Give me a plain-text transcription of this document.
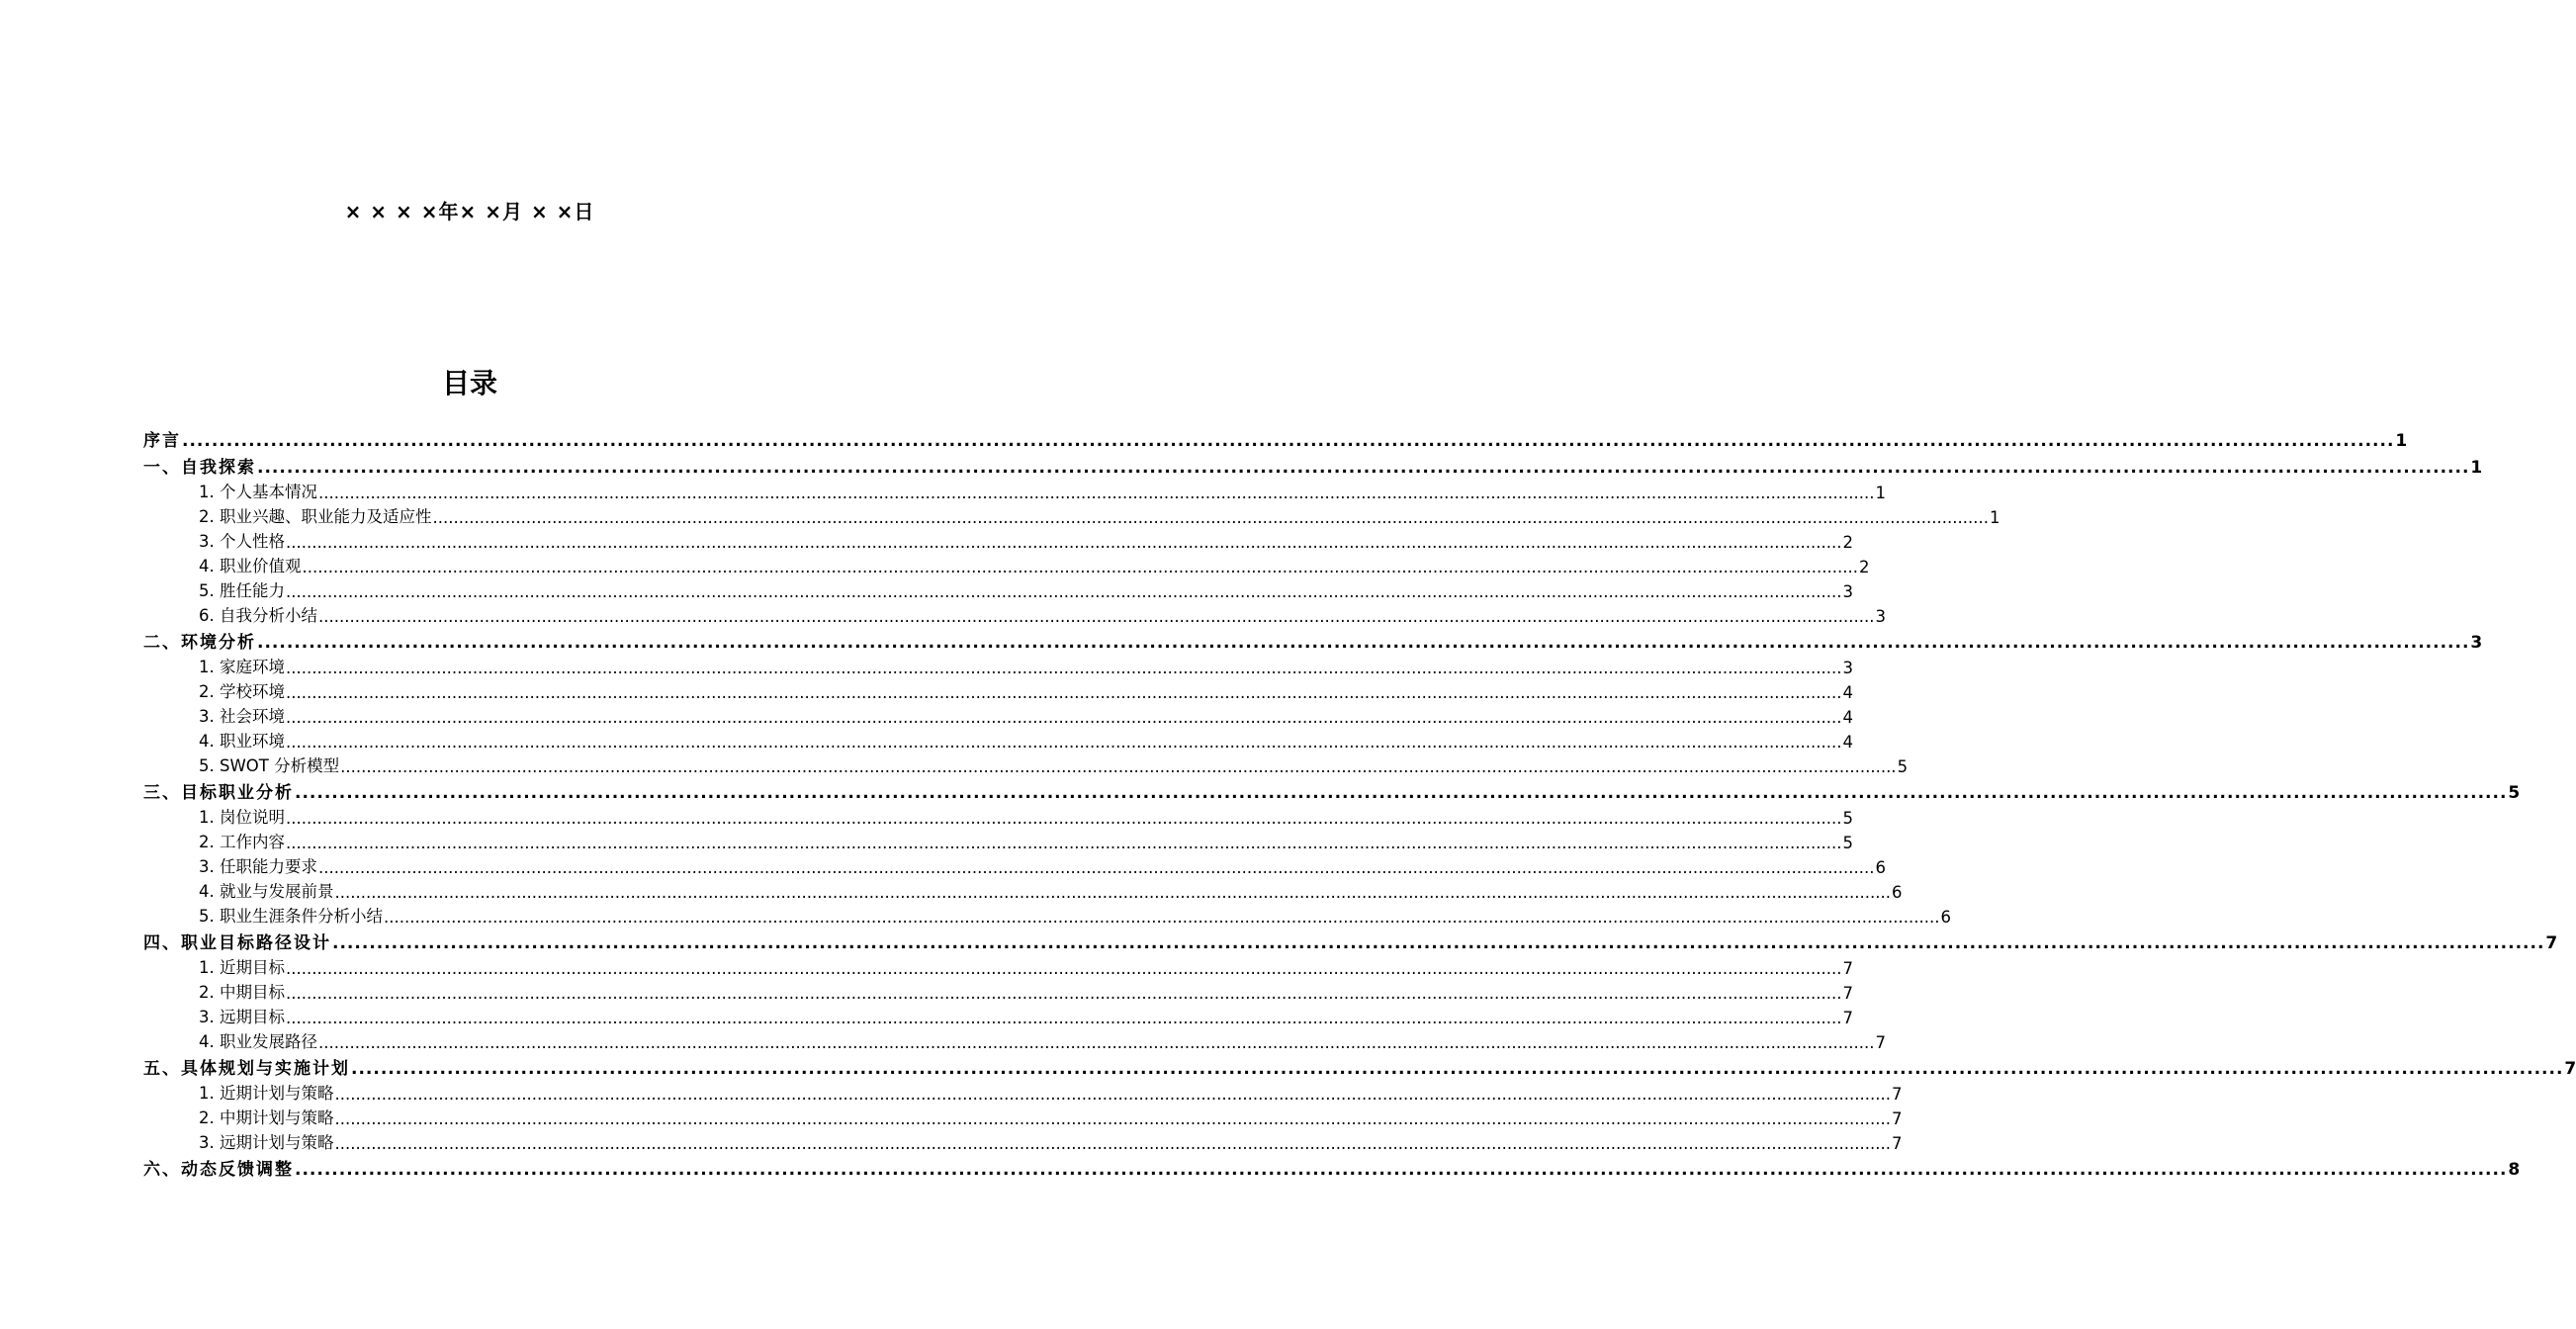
× × × ×年× ×月 × ×日
目录
序言 ............................................................................................................................................................................................................................................................................................................ 1
一、自我探索 ............................................................................................................................................................................................................................................................................................................ 1
1. 个人基本情况 ............................................................................................................................................................................................................................................................................................................ 1
2. 职业兴趣、职业能力及适应性 ............................................................................................................................................................................................................................................................................................................ 1
3. 个人性格 ............................................................................................................................................................................................................................................................................................................ 2
4. 职业价值观 ............................................................................................................................................................................................................................................................................................................ 2
5. 胜任能力 ............................................................................................................................................................................................................................................................................................................ 3
6. 自我分析小结 ............................................................................................................................................................................................................................................................................................................ 3
二、环境分析 ............................................................................................................................................................................................................................................................................................................ 3
1. 家庭环境 ............................................................................................................................................................................................................................................................................................................ 3
2. 学校环境 ............................................................................................................................................................................................................................................................................................................ 4
3. 社会环境 ............................................................................................................................................................................................................................................................................................................ 4
4. 职业环境 ............................................................................................................................................................................................................................................................................................................ 4
5. SWOT 分析模型 ............................................................................................................................................................................................................................................................................................................ 5
三、目标职业分析 ............................................................................................................................................................................................................................................................................................................ 5
1. 岗位说明 ............................................................................................................................................................................................................................................................................................................ 5
2. 工作内容 ............................................................................................................................................................................................................................................................................................................ 5
3. 任职能力要求 ............................................................................................................................................................................................................................................................................................................ 6
4. 就业与发展前景 ............................................................................................................................................................................................................................................................................................................ 6
5. 职业生涯条件分析小结 ............................................................................................................................................................................................................................................................................................................ 6
四、职业目标路径设计 ............................................................................................................................................................................................................................................................................................................ 7
1. 近期目标 ............................................................................................................................................................................................................................................................................................................ 7
2. 中期目标 ............................................................................................................................................................................................................................................................................................................ 7
3. 远期目标 ............................................................................................................................................................................................................................................................................................................ 7
4. 职业发展路径 ............................................................................................................................................................................................................................................................................................................ 7
五、具体规划与实施计划 ............................................................................................................................................................................................................................................................................................................ 7
1. 近期计划与策略 ............................................................................................................................................................................................................................................................................................................ 7
2. 中期计划与策略 ............................................................................................................................................................................................................................................................................................................ 7
3. 远期计划与策略 ............................................................................................................................................................................................................................................................................................................ 7
六、动态反馈调整 ............................................................................................................................................................................................................................................................................................................ 8
